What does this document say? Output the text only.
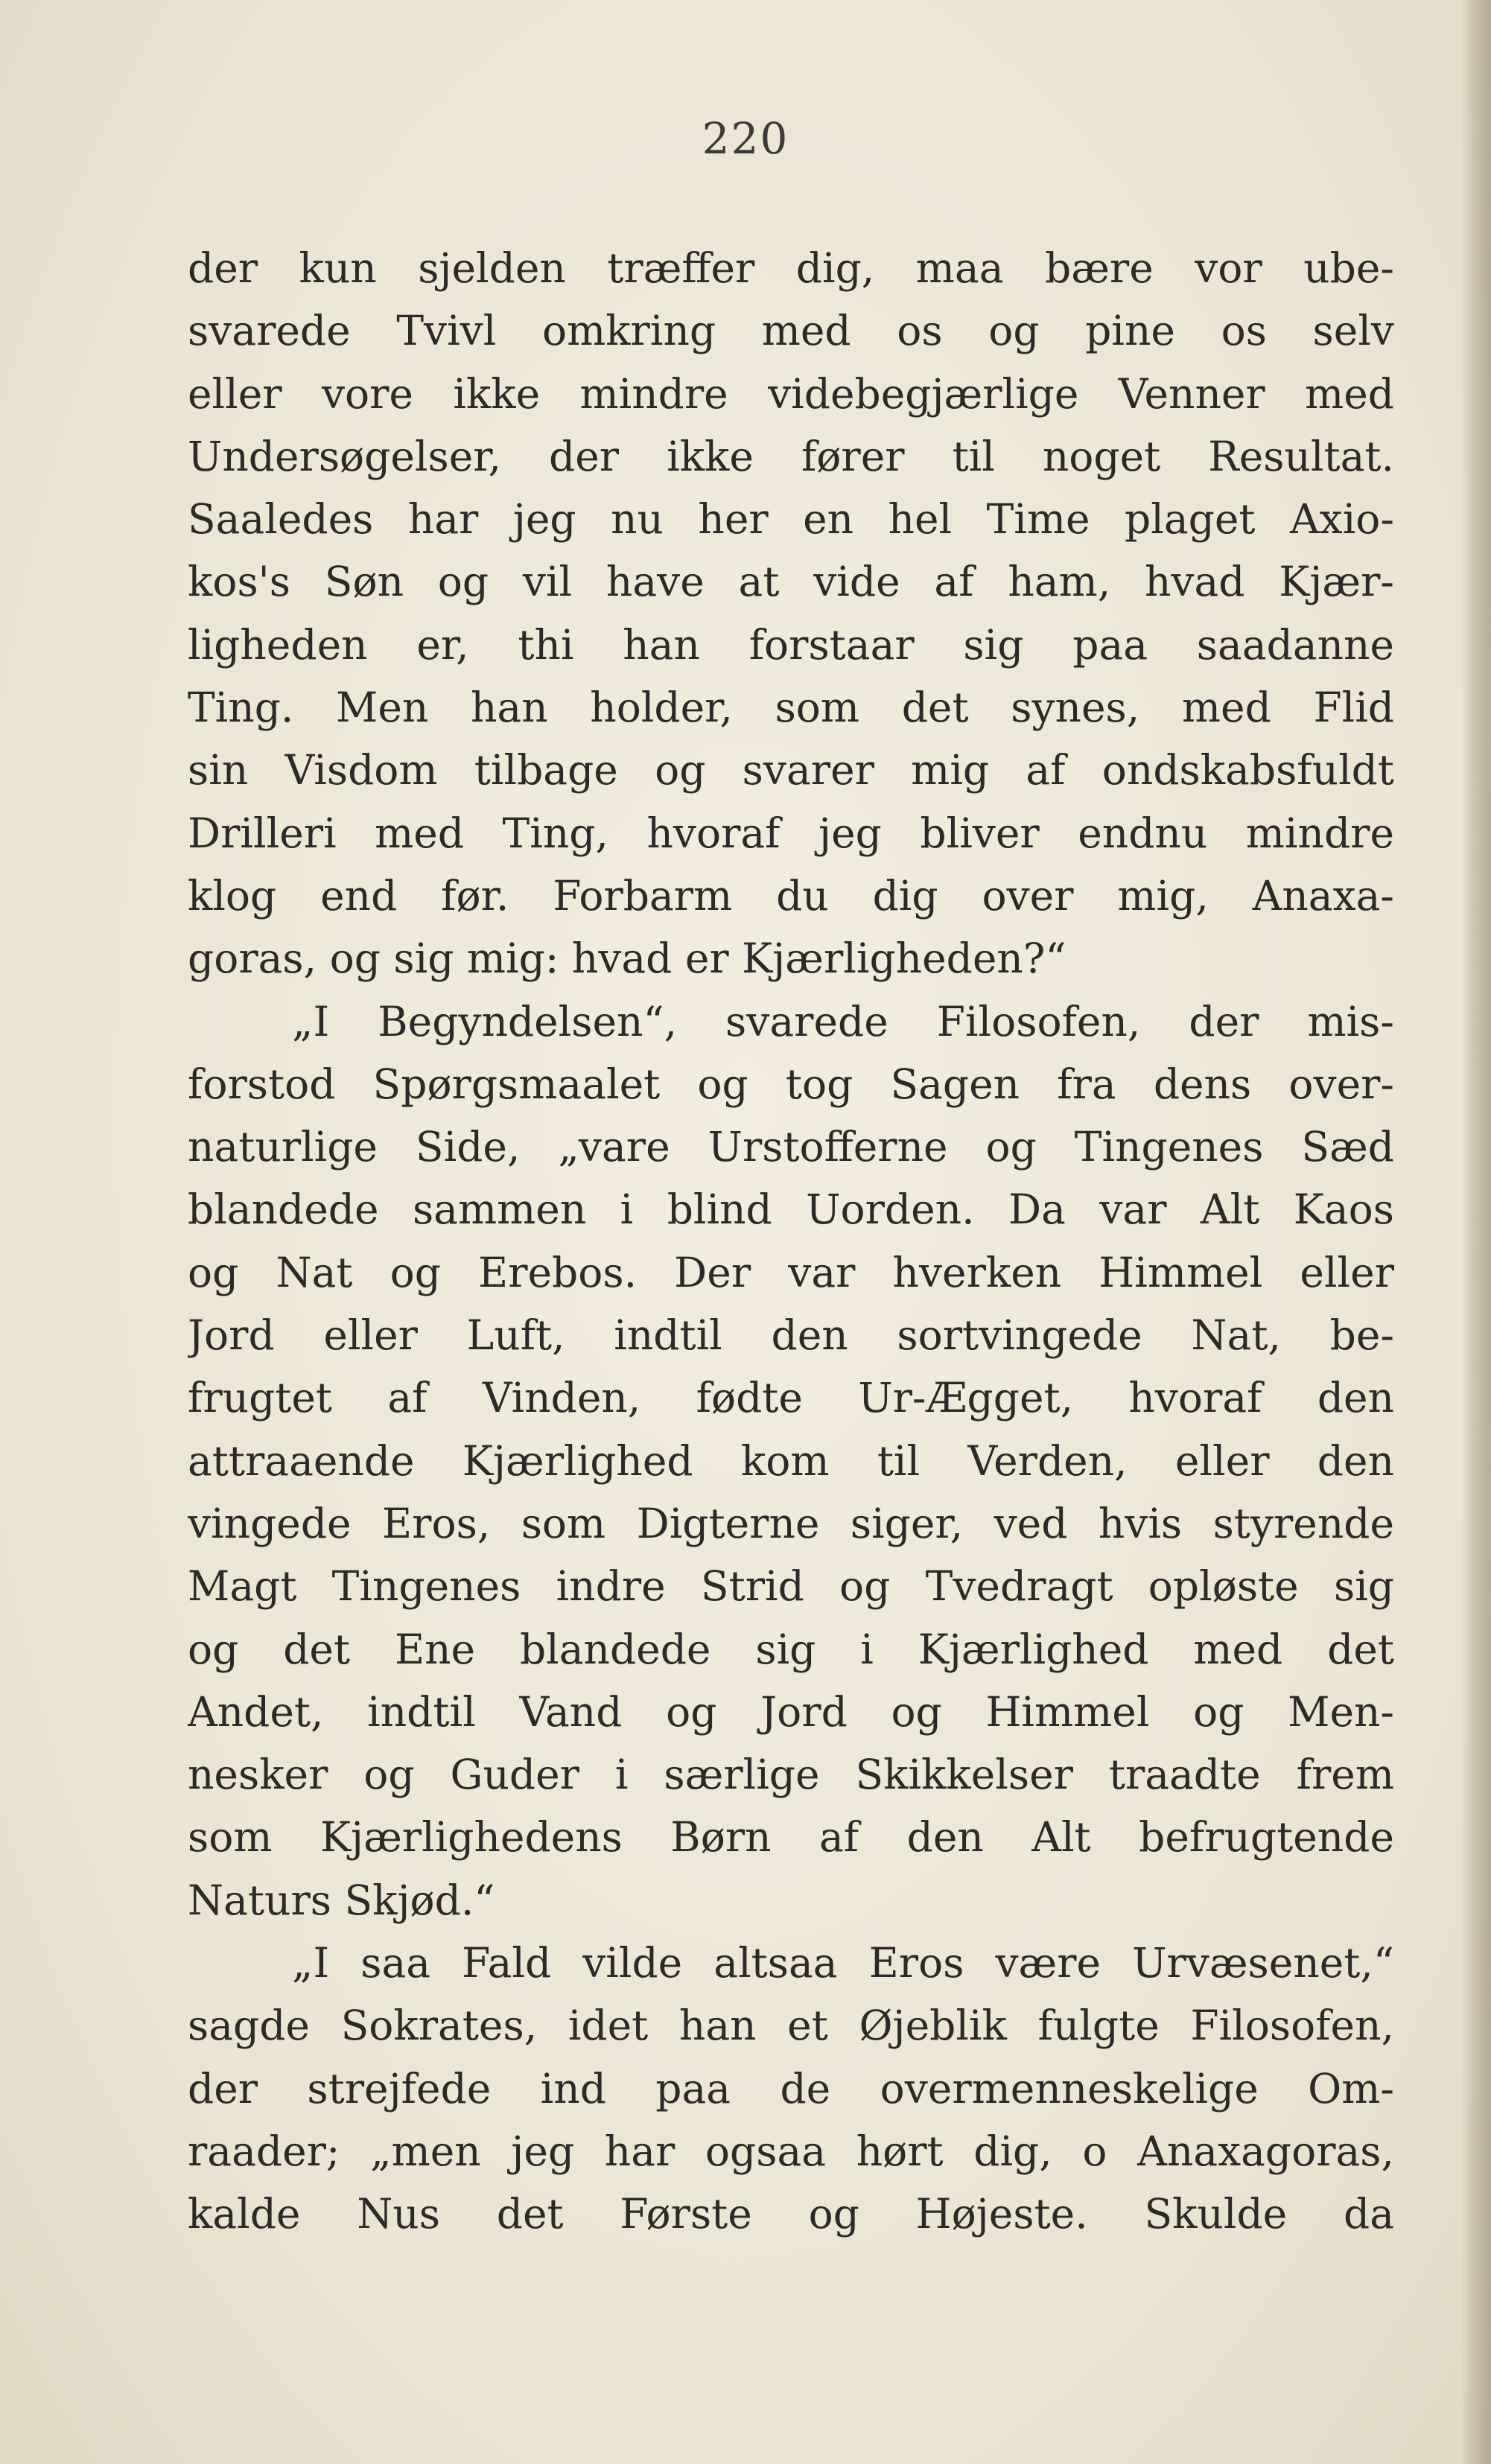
220
der kun sjelden træffer dig, maa bære vor ube-
svarede Tvivl omkring med os og pine os selv
eller vore ikke mindre videbegjærlige Venner med
Undersøgelser, der ikke fører til noget Resultat.
Saaledes har jeg nu her en hel Time plaget Axio-
kos's Søn og vil have at vide af ham, hvad Kjær-
ligheden er, thi han forstaar sig paa saadanne
Ting. Men han holder, som det synes, med Flid
sin Visdom tilbage og svarer mig af ondskabsfuldt
Drilleri med Ting, hvoraf jeg bliver endnu mindre
klog end før. Forbarm du dig over mig, Anaxa-
goras, og sig mig: hvad er Kjærligheden?“
„I Begyndelsen“, svarede Filosofen, der mis-
forstod Spørgsmaalet og tog Sagen fra dens over-
naturlige Side, „vare Urstofferne og Tingenes Sæd
blandede sammen i blind Uorden. Da var Alt Kaos
og Nat og Erebos. Der var hverken Himmel eller
Jord eller Luft, indtil den sortvingede Nat, be-
frugtet af Vinden, fødte Ur-Ægget, hvoraf den
attraaende Kjærlighed kom til Verden, eller den
vingede Eros, som Digterne siger, ved hvis styrende
Magt Tingenes indre Strid og Tvedragt opløste sig
og det Ene blandede sig i Kjærlighed med det
Andet, indtil Vand og Jord og Himmel og Men-
nesker og Guder i særlige Skikkelser traadte frem
som Kjærlighedens Børn af den Alt befrugtende
Naturs Skjød.“
„I saa Fald vilde altsaa Eros være Urvæsenet,“
sagde Sokrates, idet han et Øjeblik fulgte Filosofen,
der strejfede ind paa de overmenneskelige Om-
raader; „men jeg har ogsaa hørt dig, o Anaxagoras,
kalde Nus det Første og Højeste. Skulde da
